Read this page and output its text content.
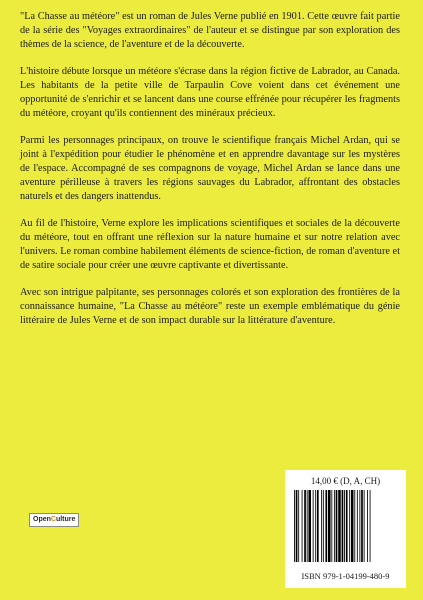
"La Chasse au météore" est un roman de Jules Verne publié en 1901. Cette œuvre fait partie de la série des "Voyages extraordinaires" de l'auteur et se distingue par son exploration des thèmes de la science, de l'aventure et de la découverte.

L'histoire débute lorsque un météore s'écrase dans la région fictive de Labrador, au Canada. Les habitants de la petite ville de Tarpaulin Cove voient dans cet événement une opportunité de s'enrichir et se lancent dans une course effrénée pour récupérer les fragments du météore, croyant qu'ils contiennent des minéraux précieux.

Parmi les personnages principaux, on trouve le scientifique français Michel Ardan, qui se joint à l'expédition pour étudier le phénomène et en apprendre davantage sur les mystères de l'espace. Accompagné de ses compagnons de voyage, Michel Ardan se lance dans une aventure périlleuse à travers les régions sauvages du Labrador, affrontant des obstacles naturels et des dangers inattendus.

Au fil de l'histoire, Verne explore les implications scientifiques et sociales de la découverte du météore, tout en offrant une réflexion sur la nature humaine et sur notre relation avec l'univers. Le roman combine habilement éléments de science-fiction, de roman d'aventure et de satire sociale pour créer une œuvre captivante et divertissante.

Avec son intrigue palpitante, ses personnages colorés et son exploration des frontières de la connaissance humaine, "La Chasse au météore" reste un exemple emblématique du génie littéraire de Jules Verne et de son impact durable sur la littérature d'aventure.

OpenCulture
14,00 € (D, A, CH)
ISBN 979-1-04199-480-9
